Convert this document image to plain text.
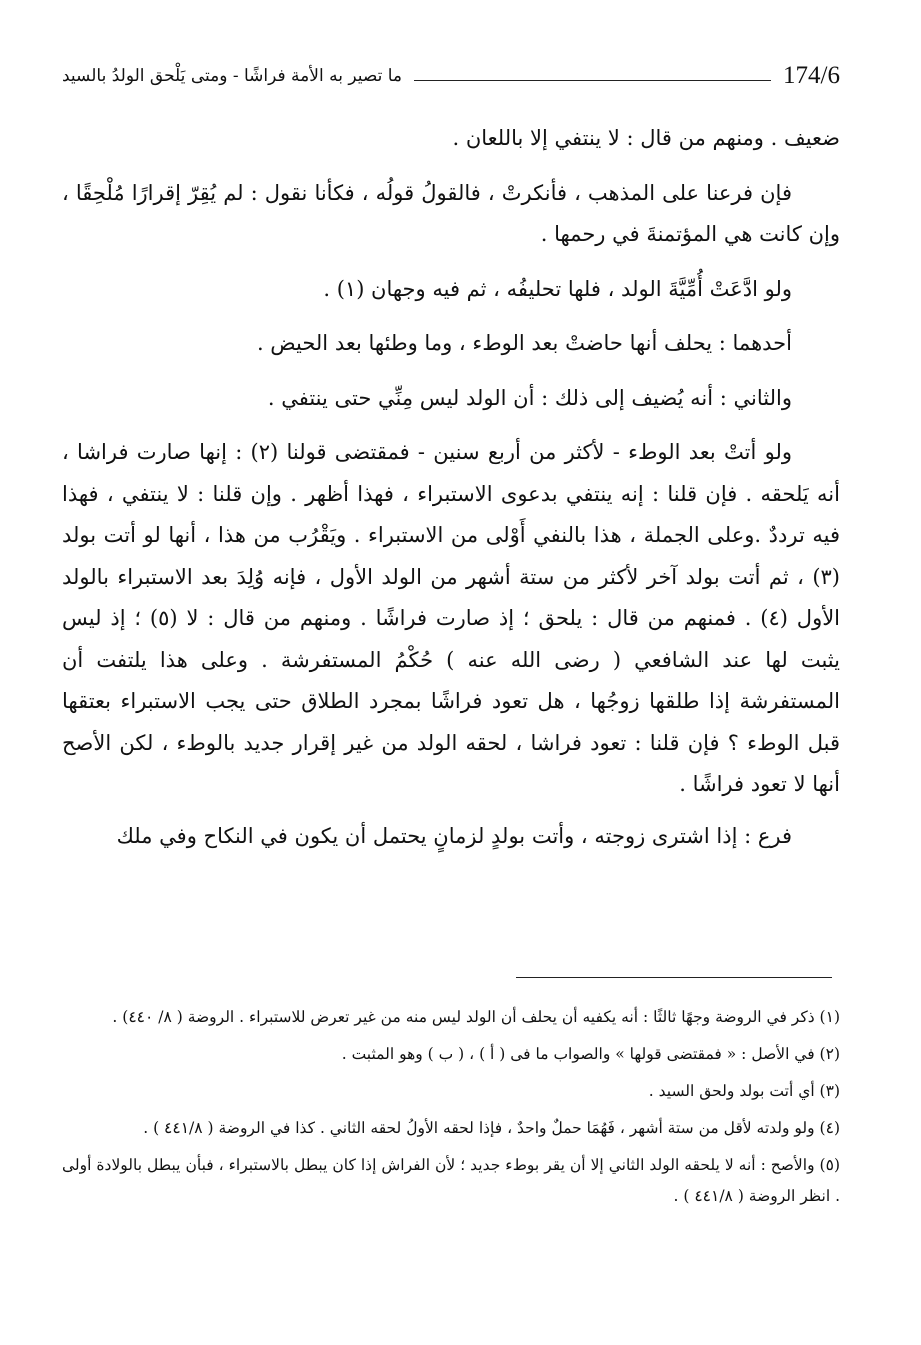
174/6
ما تصير به الأمة فراشًا - ومتى يَلْحق الولدُ بالسيد

ضعيف . ومنهم من قال : لا ينتفي إلا باللعان .

فإن فرعنا على المذهب ، فأنكرتْ ، فالقولُ قولُه ، فكأنا نقول : لم يُقِرّ إقرارًا مُلْحِقًا ، وإن كانت هي المؤتمنةَ في رحمها .

ولو ادَّعَتْ أُمِّيَّةَ الولد ، فلها تحليفُه ، ثم فيه وجهان (١) .

أحدهما : يحلف أنها حاضتْ بعد الوطء ، وما وطئها بعد الحيض .

والثاني : أنه يُضيف إلى ذلك : أن الولد ليس مِنِّي حتى ينتفي .

ولو أتتْ بعد الوطء - لأكثر من أربع سنين - فمقتضى قولنا (٢) : إنها صارت فراشا ، أنه يَلحقه . فإن قلنا : إنه ينتفي بدعوى الاستبراء ، فهذا أظهر . وإن قلنا : لا ينتفي ، فهذا فيه ترددٌ .وعلى الجملة ، هذا بالنفي أَوْلى من الاستبراء . ويَقْرُب من هذا ، أنها لو أتت بولد (٣) ، ثم أتت بولد آخر لأكثر من ستة أشهر من الولد الأول ، فإنه وُلِدَ بعد الاستبراء بالولد الأول (٤) . فمنهم من قال : يلحق ؛ إذ صارت فراشًا . ومنهم من قال : لا (٥) ؛ إذ ليس يثبت لها عند الشافعي ( رضى الله عنه ) حُكْمُ المستفرشة . وعلى هذا يلتفت أن المستفرشة إذا طلقها زوجُها ، هل تعود فراشًا بمجرد الطلاق حتى يجب الاستبراء بعتقها قبل الوطء ؟ فإن قلنا : تعود فراشا ، لحقه الولد من غير إقرار جديد بالوطء ، لكن الأصح أنها لا تعود فراشًا .

فرع : إذا اشترى زوجته ، وأتت بولدٍ لزمانٍ يحتمل أن يكون في النكاح وفي ملك

(١) ذكر في الروضة وجهًا ثالثًا : أنه يكفيه أن يحلف أن الولد ليس منه من غير تعرض للاستبراء . الروضة ( ٨/ ٤٤٠) .

(٢) في الأصل : « فمقتضى قولها » والصواب ما فى ( أ ) ، ( ب ) وهو المثبت .

(٣) أي أتت بولد ولحق السيد .

(٤) ولو ولدته لأقل من ستة أشهر ، فَهُمَا حملٌ واحدٌ ، فإذا لحقه الأولُ لحقه الثاني . كذا في الروضة ( ٤٤١/٨ ) .

(٥) والأصح : أنه لا يلحقه الولد الثاني إلا أن يقر بوطء جديد ؛ لأن الفراش إذا كان يبطل بالاستبراء ، فبأن يبطل بالولادة أولى . انظر الروضة ( ٤٤١/٨ ) .
